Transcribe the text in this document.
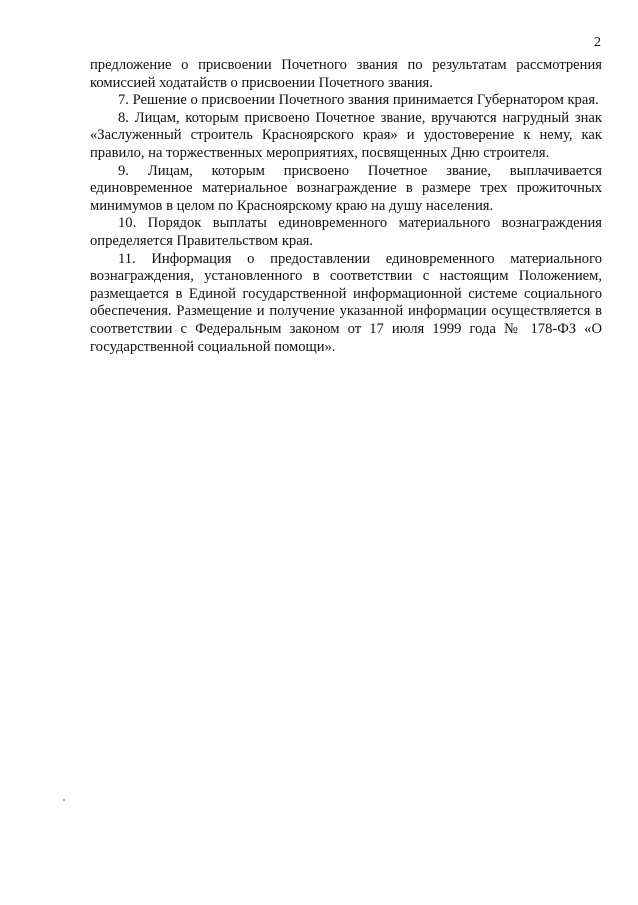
2

предложение о присвоении Почетного звания по результатам рассмотрения комиссией ходатайств о присвоении Почетного звания.

7. Решение о присвоении Почетного звания принимается Губернатором края.

8. Лицам, которым присвоено Почетное звание, вручаются нагрудный знак «Заслуженный строитель Красноярского края» и удостоверение к нему, как правило, на торжественных мероприятиях, посвященных Дню строителя.

9. Лицам, которым присвоено Почетное звание, выплачивается единовременное материальное вознаграждение в размере трех прожиточных минимумов в целом по Красноярскому краю на душу населения.

10. Порядок выплаты единовременного материального вознаграждения определяется Правительством края.

11. Информация о предоставлении единовременного материального вознаграждения, установленного в соответствии с настоящим Положением, размещается в Единой государственной информационной системе социального обеспечения. Размещение и получение указанной информации осуществляется в соответствии с Федеральным законом от 17 июля 1999 года № 178-ФЗ «О государственной социальной помощи».
